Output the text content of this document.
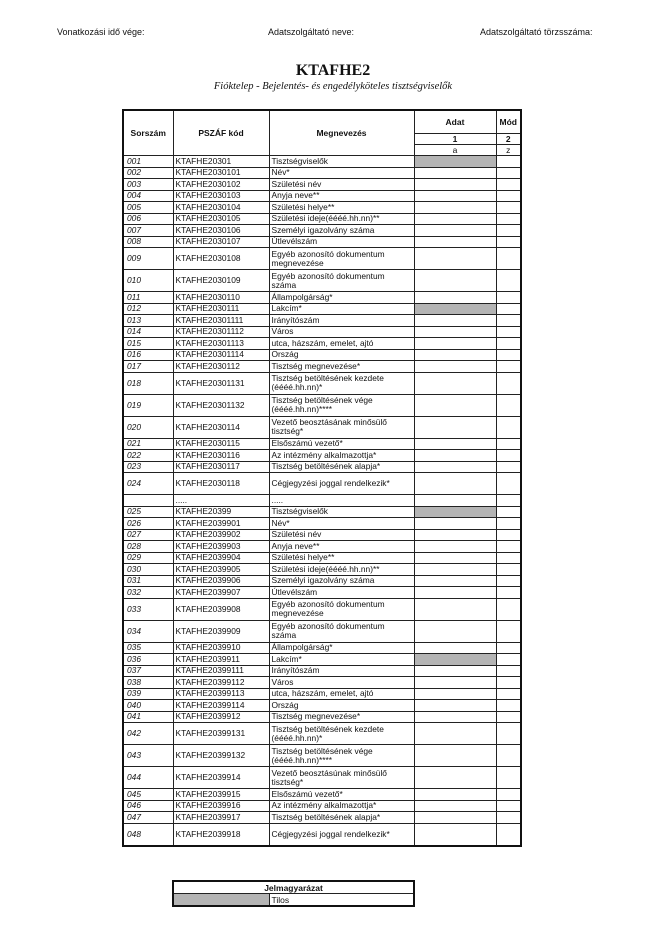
Vonatkozási idő vége:	Adatszolgáltató neve:	Adatszolgáltató törzsszáma:
KTAFHE2
Fióktelep - Bejelentés- és engedélyköteles tisztségviselők
Sorszám	PSZÁF kód	Megnevezés	Adat	Mód
			1	2
			a	z
001	KTAFHE20301	Tisztségviselők		
002	KTAFHE2030101	Név*		
003	KTAFHE2030102	Születési név		
004	KTAFHE2030103	Anyja neve**		
005	KTAFHE2030104	Születési helye**		
006	KTAFHE2030105	Születési ideje(éééé.hh.nn)**		
007	KTAFHE2030106	Személyi igazolvány száma		
008	KTAFHE2030107	Útlevélszám		
009	KTAFHE2030108	Egyéb azonosító dokumentum megnevezése		
010	KTAFHE2030109	Egyéb azonosító dokumentum száma		
011	KTAFHE2030110	Állampolgárság*		
012	KTAFHE2030111	Lakcím*		
013	KTAFHE20301111	Irányítószám		
014	KTAFHE20301112	Város		
015	KTAFHE20301113	utca, házszám, emelet, ajtó		
016	KTAFHE20301114	Ország		
017	KTAFHE2030112	Tisztség megnevezése*		
018	KTAFHE20301131	Tisztség betöltésének kezdete (éééé.hh.nn)*		
019	KTAFHE20301132	Tisztség betöltésének vége (éééé.hh.nn)****		
020	KTAFHE2030114	Vezető beosztásának minősülő tisztség*		
021	KTAFHE2030115	Elsőszámú vezető*		
022	KTAFHE2030116	Az intézmény alkalmazottja*		
023	KTAFHE2030117	Tisztség betöltésének alapja*		
024	KTAFHE2030118	Cégjegyzési joggal rendelkezik*		
	.....	.....		
025	KTAFHE20399	Tisztségviselők		
026	KTAFHE2039901	Név*		
027	KTAFHE2039902	Születési név		
028	KTAFHE2039903	Anyja neve**		
029	KTAFHE2039904	Születési helye**		
030	KTAFHE2039905	Születési ideje(éééé.hh.nn)**		
031	KTAFHE2039906	Személyi igazolvány száma		
032	KTAFHE2039907	Útlevélszám		
033	KTAFHE2039908	Egyéb azonosító dokumentum megnevezése		
034	KTAFHE2039909	Egyéb azonosító dokumentum száma		
035	KTAFHE2039910	Állampolgárság*		
036	KTAFHE2039911	Lakcím*		
037	KTAFHE20399111	Irányítószám		
038	KTAFHE20399112	Város		
039	KTAFHE20399113	utca, házszám, emelet, ajtó		
040	KTAFHE20399114	Ország		
041	KTAFHE2039912	Tisztség megnevezése*		
042	KTAFHE20399131	Tisztség betöltésének kezdete (éééé.hh.nn)*		
043	KTAFHE20399132	Tisztség betöltésének vége (éééé.hh.nn)****		
044	KTAFHE2039914	Vezető beosztásúnak minősülő tisztség*		
045	KTAFHE2039915	Elsőszámú vezető*		
046	KTAFHE2039916	Az intézmény alkalmazottja*		
047	KTAFHE2039917	Tisztség betöltésének alapja*		
048	KTAFHE2039918	Cégjegyzési joggal rendelkezik*		
Jelmagyarázat
	Tilos
